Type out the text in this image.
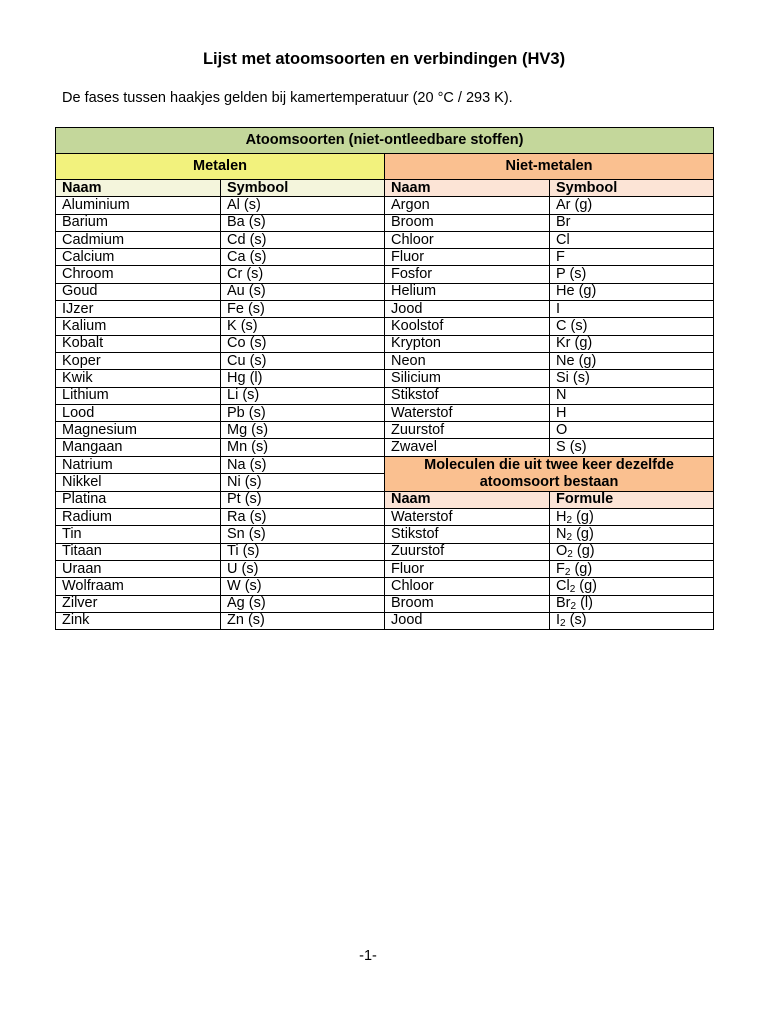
Lijst met atoomsoorten en verbindingen (HV3)
De fases tussen haakjes gelden bij kamertemperatuur (20 °C / 293 K).
Atoomsoorten (niet-ontleedbare stoffen)			
Metalen		Niet-metalen	
Naam	Symbool	Naam	Symbool
Aluminium	Al (s)	Argon	Ar (g)
Barium	Ba (s)	Broom	Br
Cadmium	Cd (s)	Chloor	Cl
Calcium	Ca (s)	Fluor	F
Chroom	Cr (s)	Fosfor	P (s)
Goud	Au (s)	Helium	He (g)
IJzer	Fe (s)	Jood	I
Kalium	K (s)	Koolstof	C (s)
Kobalt	Co (s)	Krypton	Kr (g)
Koper	Cu (s)	Neon	Ne (g)
Kwik	Hg (l)	Silicium	Si (s)
Lithium	Li (s)	Stikstof	N
Lood	Pb (s)	Waterstof	H
Magnesium	Mg (s)	Zuurstof	O
Mangaan	Mn (s)	Zwavel	S (s)
Natrium	Na (s)	Moleculen die uit twee keer dezelfde atoomsoort bestaan	
Nikkel	Ni (s)		
Platina	Pt (s)	Naam	Formule
Radium	Ra (s)	Waterstof	$H_2$ (g)
Tin	Sn (s)	Stikstof	$N_2$ (g)
Titaan	Ti (s)	Zuurstof	$O_2$ (g)
Uraan	U (s)	Fluor	$F_2$ (g)
Wolfraam	W (s)	Chloor	$Cl_2$ (g)
Zilver	Ag (s)	Broom	$Br_2$ (l)
Zink	Zn (s)	Jood	$I_2$ (s)
-1-
